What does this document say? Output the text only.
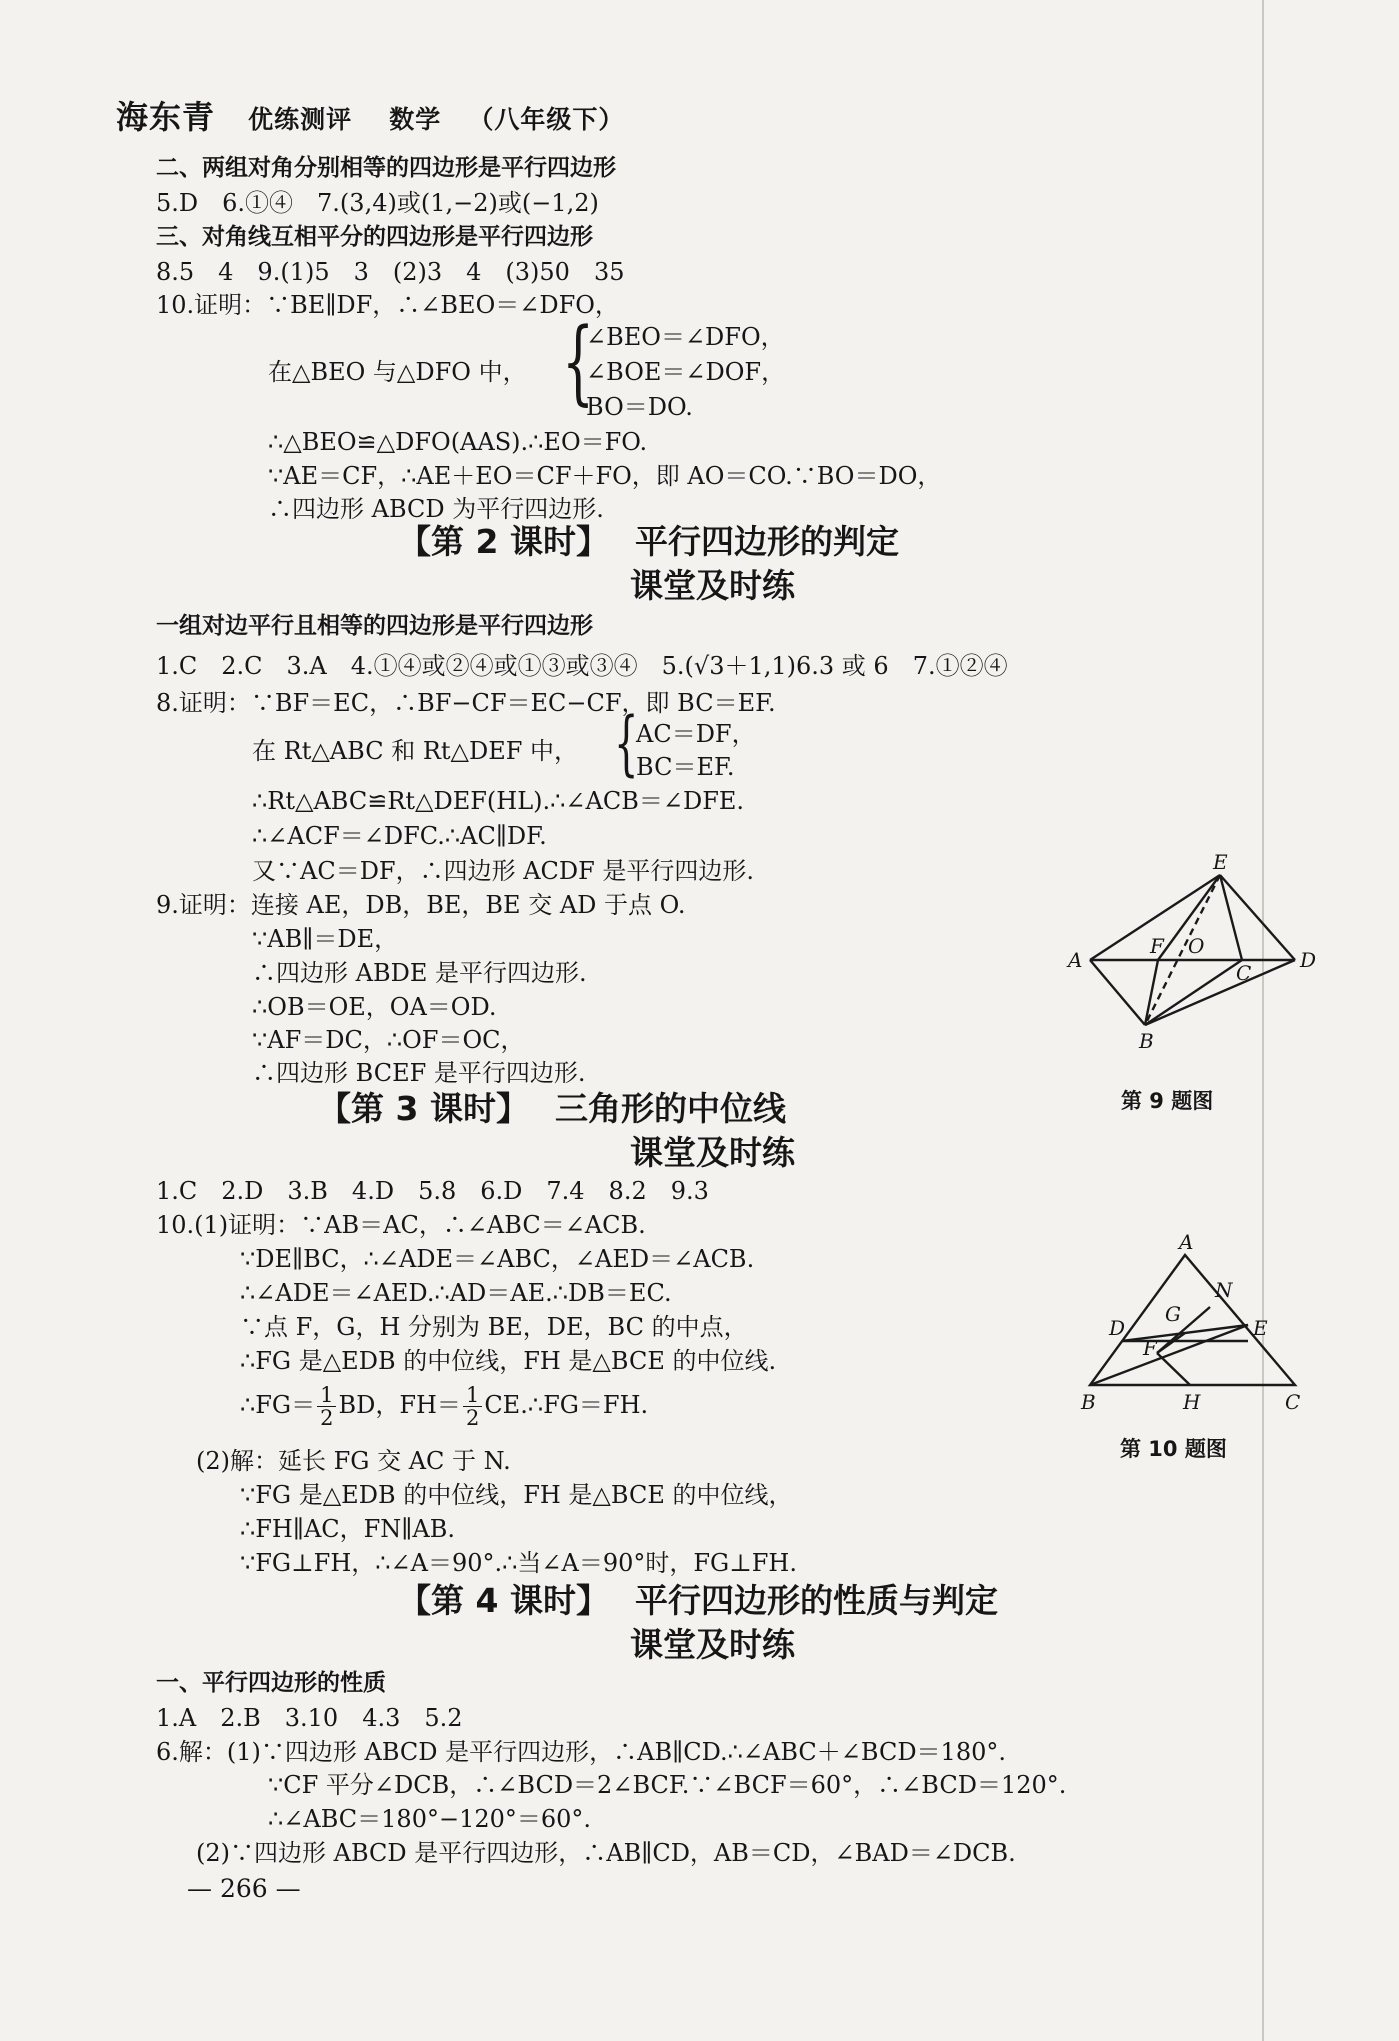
海东青 优练测评 数学 （八年级下）
二、两组对角分别相等的四边形是平行四边形
5.D　6.①④　7.(3,4)或(1,−2)或(−1,2)
三、对角线互相平分的四边形是平行四边形
8.5　4　9.(1)5　3　(2)3　4　(3)50　35
10.证明：∵BE∥DF，∴∠BEO＝∠DFO，
在△BEO 与△DFO 中， {
∠BEO＝∠DFO，
∠BOE＝∠DOF，
BO＝DO.
∴△BEO≌△DFO(AAS).∴EO＝FO.
∵AE＝CF，∴AE＋EO＝CF＋FO，即 AO＝CO.∵BO＝DO，
∴四边形 ABCD 为平行四边形.
【第 2 课时】 平行四边形的判定
课堂及时练
一组对边平行且相等的四边形是平行四边形
1.C　2.C　3.A　4.①④或②④或①③或③④　5.(√3＋1,1)6.3 或 6　7.①②④
8.证明：∵BF＝EC，∴BF−CF＝EC−CF，即 BC＝EF.
在 Rt△ABC 和 Rt△DEF 中， {
AC＝DF，
BC＝EF.
∴Rt△ABC≌Rt△DEF(HL).∴∠ACB＝∠DFE.
∴∠ACF＝∠DFC.∴AC∥DF.
又∵AC＝DF，∴四边形 ACDF 是平行四边形.
9.证明：连接 AE，DB，BE，BE 交 AD 于点 O.
∵AB∥＝DE，
∴四边形 ABDE 是平行四边形.
∴OB＝OE，OA＝OD.
∵AF＝DC，∴OF＝OC，
∴四边形 BCEF 是平行四边形.
E
A
F O
C
D
B
第 9 题图
【第 3 课时】 三角形的中位线
课堂及时练
1.C　2.D　3.B　4.D　5.8　6.D　7.4　8.2　9.3
10.(1)证明：∵AB＝AC，∴∠ABC＝∠ACB.
∵DE∥BC，∴∠ADE＝∠ABC，∠AED＝∠ACB.
∴∠ADE＝∠AED.∴AD＝AE.∴DB＝EC.
∵点 F，G，H 分别为 BE，DE，BC 的中点，
∴FG 是△EDB 的中位线，FH 是△BCE 的中位线.
∴FG＝ $\frac{1}{2}$ BD，$FH= \frac{1}{2}$ CE.∴FG＝FH.
(2)解：延长 FG 交 AC 于 N.
∵FG 是△EDB 的中位线，FH 是△BCE 的中位线，
∴FH∥AC，FN∥AB.
∵FG⊥FH，∴∠A＝90°.∴当∠A＝90°时，FG⊥FH.
A
N
G
D	E
F
B	H	C
第 10 题图
【第 4 课时】 平行四边形的性质与判定
课堂及时练
一、平行四边形的性质
1.A　2.B　3.10　4.3　5.2
6.解：(1)∵四边形 ABCD 是平行四边形，∴AB∥CD.∴∠ABC＋∠BCD＝180°.
∵CF 平分∠DCB，∴∠BCD＝2∠BCF.∵∠BCF＝60°，∴∠BCD＝120°.
∴∠ABC＝180°−120°＝60°.
(2)∵四边形 ABCD 是平行四边形，∴AB∥CD，AB＝CD，∠BAD＝∠DCB.
— 266 —
